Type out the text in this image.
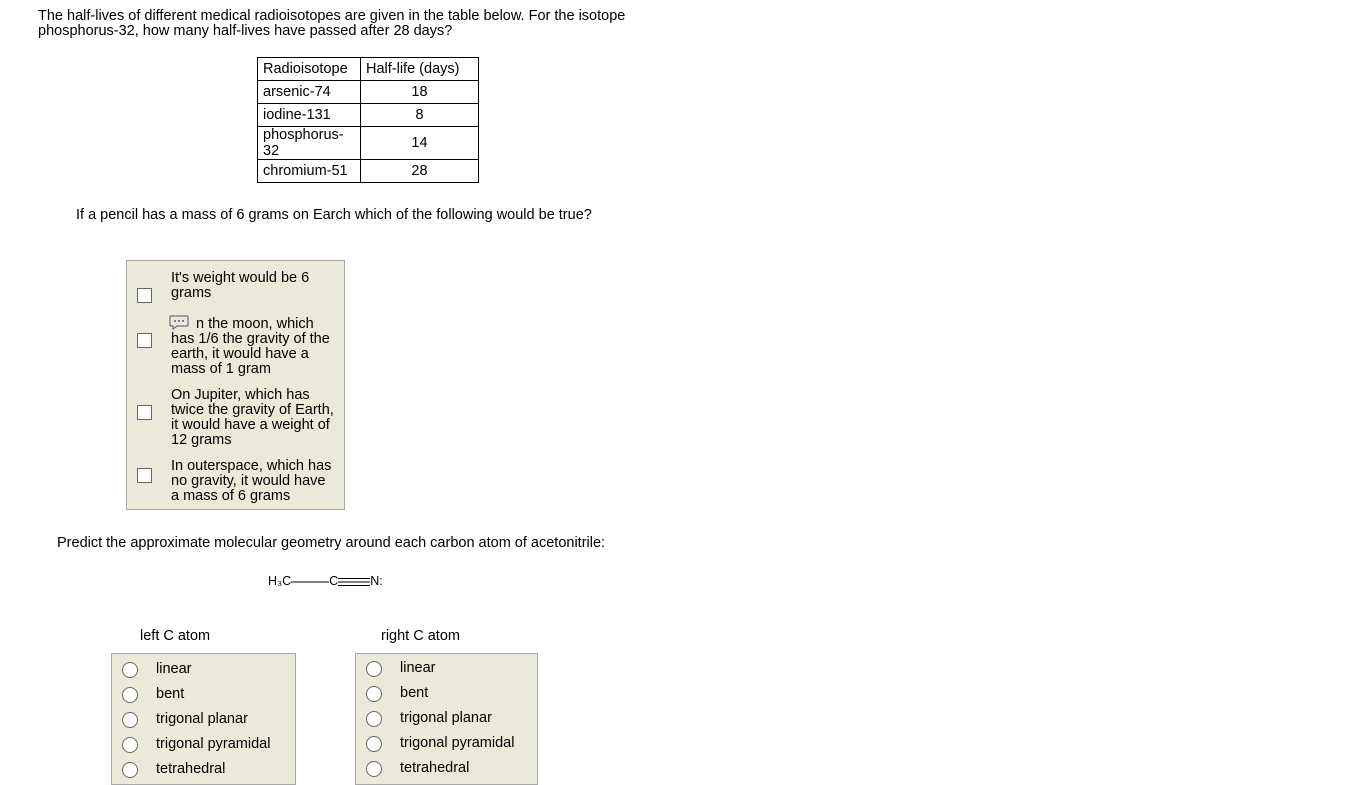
The half-lives of different medical radioisotopes are given in the table below. For the isotope phosphorus-32, how many half-lives have passed after 28 days?
Radioisotope	Half-life (days)
arsenic-74	18
iodine-131	8
phosphorus-32	14
chromium-51	28
If a pencil has a mass of 6 grams on Earch which of the following would be true?
It's weight would be 6 grams
n the moon, which has 1/6 the gravity of the earth, it would have a mass of 1 gram
On Jupiter, which has twice the gravity of Earth, it would have a weight of 12 grams
In outerspace, which has no gravity, it would have a mass of 6 grams
Predict the approximate molecular geometry around each carbon atom of acetonitrile:
H₃C	C	N:
left C atom	right C atom
linear
bent
trigonal planar
trigonal pyramidal
tetrahedral
linear
bent
trigonal planar
trigonal pyramidal
tetrahedral
